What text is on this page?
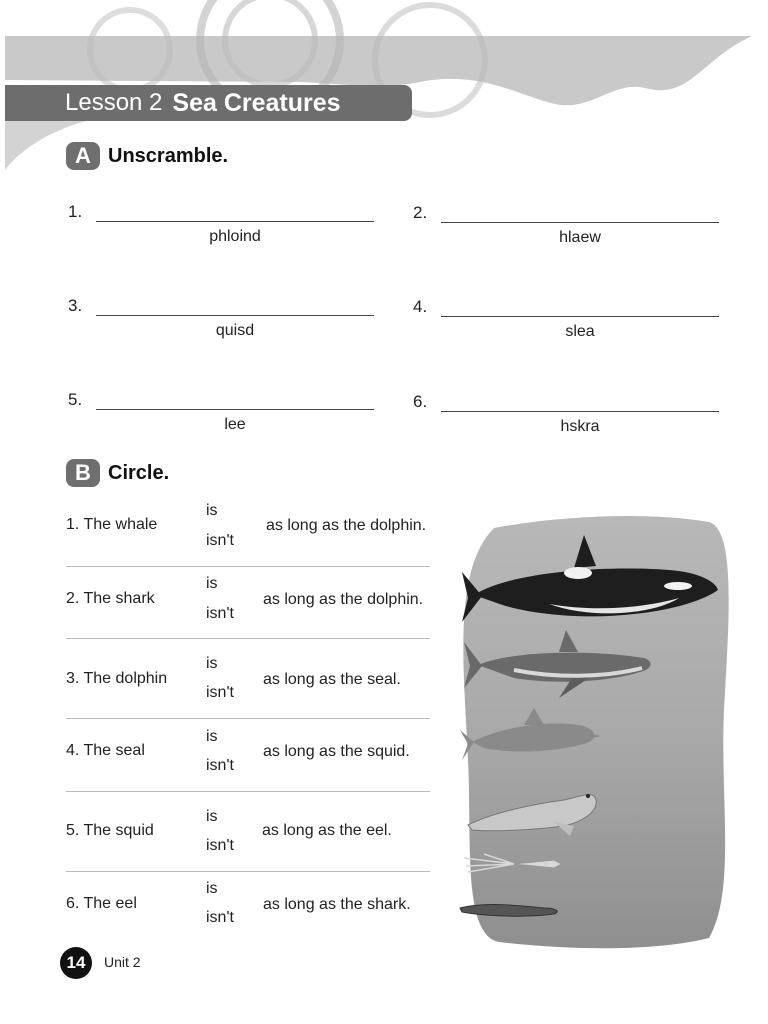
Lesson 2 Sea Creatures
A Unscramble.
1.
phloind
2.
hlaew
3.
quisd
4.
slea
5.
lee
6.
hskra
B Circle.
1. The whale
is
isn't
as long as the dolphin.
2. The shark
is
isn't
as long as the dolphin.
3. The dolphin
is
isn't
as long as the seal.
4. The seal
is
isn't
as long as the squid.
5. The squid
is
isn't
as long as the eel.
6. The eel
is
isn't
as long as the shark.
14	Unit 2
